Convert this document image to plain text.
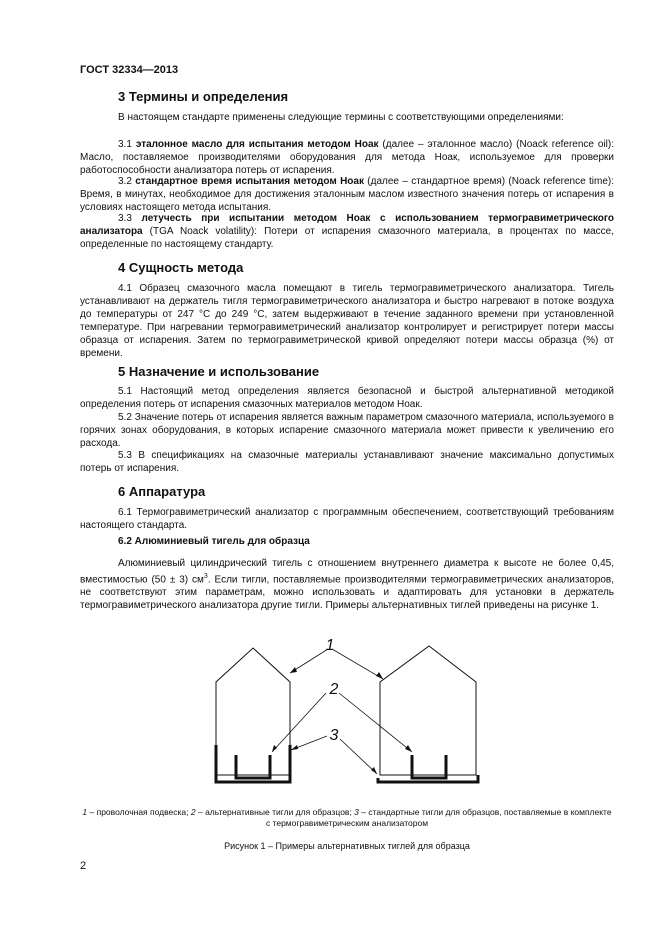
ГОСТ 32334—2013
3 Термины и определения

В настоящем стандарте применены следующие термины с соответствующими определениями:

3.1 эталонное масло для испытания методом Ноак (далее – эталонное масло) (Noack reference oil): Масло, поставляемое производителями оборудования для метода Ноак, используемое для проверки работоспособности анализатора потерь от испарения.

3.2 стандартное время испытания методом Ноак (далее – стандартное время) (Noack reference time): Время, в минутах, необходимое для достижения эталонным маслом известного значения потерь от испарения в условиях настоящего метода испытания.

3.3 летучесть при испытании методом Ноак с использованием термогравиметрического анализатора (TGA Noack volatility): Потери от испарения смазочного материала, в процентах по массе, определенные по настоящему стандарту.

4 Сущность метода

4.1 Образец смазочного масла помещают в тигель термогравиметрического анализатора. Тигель устанавливают на держатель тигля термогравиметрического анализатора и быстро нагревают в потоке воздуха до температуры от 247 °C до 249 °C, затем выдерживают в течение заданного времени при установленной температуре. При нагревании термогравиметрический анализатор контролирует и регистрирует потери массы образца от испарения. Затем по термогравиметрической кривой определяют потери массы образца (%) от времени.

5 Назначение и использование

5.1 Настоящий метод определения является безопасной и быстрой альтернативной методикой определения потерь от испарения смазочных материалов методом Ноак.

5.2 Значение потерь от испарения является важным параметром смазочного материала, используемого в горячих зонах оборудования, в которых испарение смазочного материала может привести к увеличению его расхода.

5.3 В спецификациях на смазочные материалы устанавливают значение максимально допустимых потерь от испарения.

6 Аппаратура

6.1 Термогравиметрический анализатор с программным обеспечением, соответствующий требованиям настоящего стандарта.

6.2 Алюминиевый тигель для образца

Алюминиевый цилиндрический тигель с отношением внутреннего диаметра к высоте не более 0,45, вместимостью (50 ± 3) $см^3$. Если тигли, поставляемые производителями термогравиметрических анализаторов, не соответствуют этим параметрам, можно использовать и адаптировать для установки в держатель термогравиметрического анализатора другие тигли. Примеры альтернативных тиглей приведены на рисунке 1.

1
2
3
1 – проволочная подвеска; 2 – альтернативные тигли для образцов; 3 – стандартные тигли для образцов, поставляемые в комплекте с термогравиметрическим анализатором
Рисунок 1 – Примеры альтернативных тиглей для образца
2
